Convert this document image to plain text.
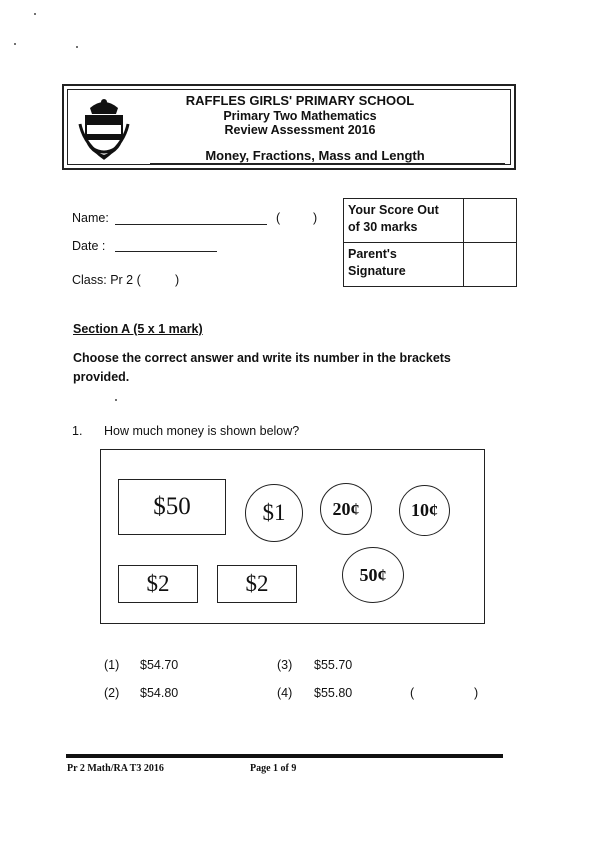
RAFFLES GIRLS' PRIMARY SCHOOL
Primary Two Mathematics
Review Assessment 2016
Money, Fractions, Mass and Length
Name:	(	)
Date :
Class: Pr 2 (	)
Your Score Out
of 30 marks
Parent's
Signature
Section A (5 x 1 mark)
Choose the correct answer and write its number in the brackets provided.
1. How much money is shown below?
$50	$1	20¢	10¢
$2	$2	50¢
(1) $54.70
(2) $54.80
(3) $55.70
(4) $55.80	(	)
Pr 2 Math/RA T3 2016	Page 1 of 9
